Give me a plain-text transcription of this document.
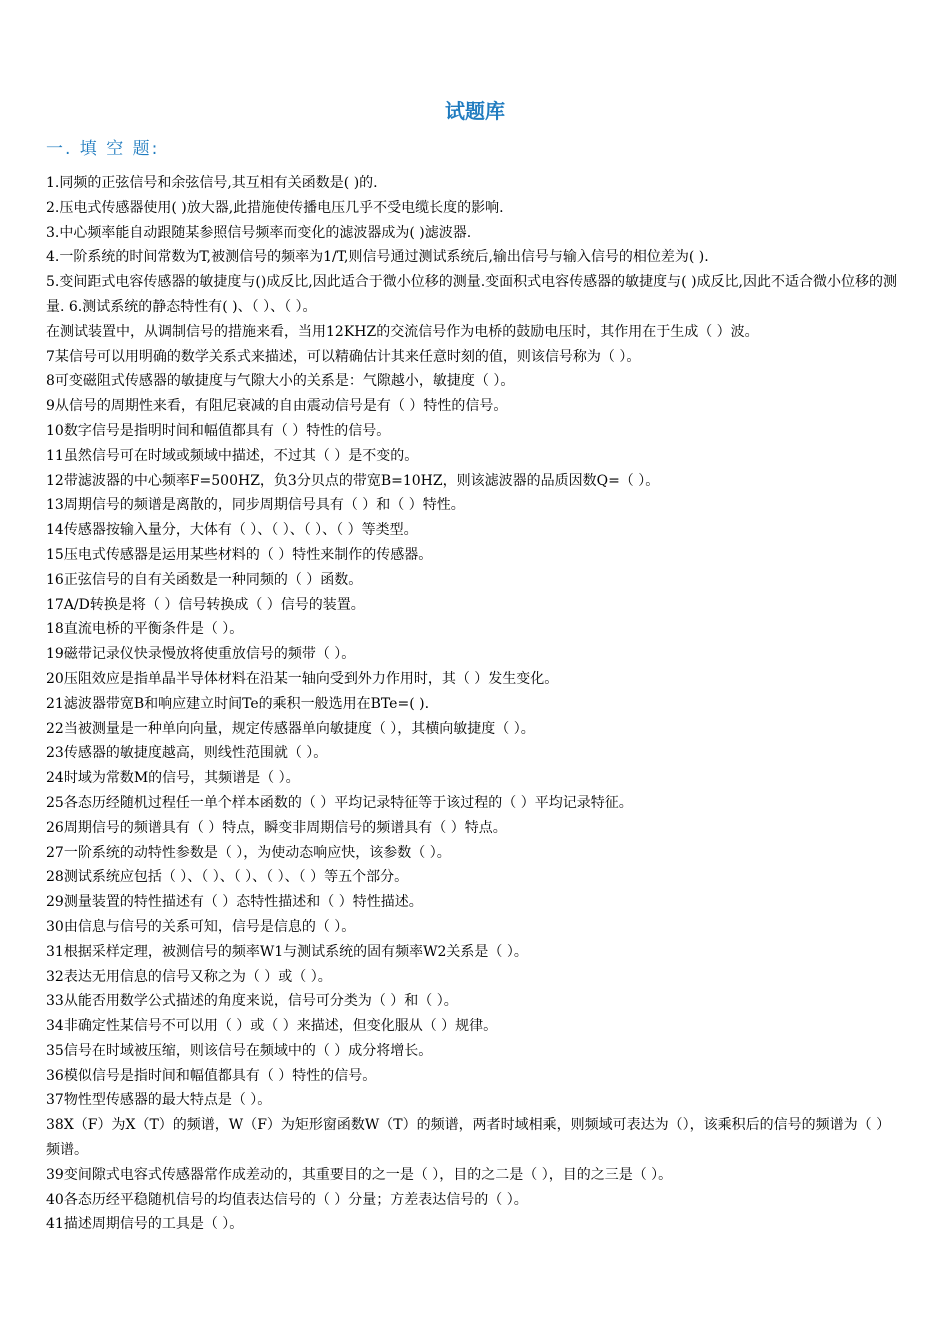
试题库
一. 填 空 题:

1.同频的正弦信号和余弦信号,其互相有关函数是( )的.

2.压电式传感器使用( )放大器,此措施使传播电压几乎不受电缆长度的影响.

3.中心频率能自动跟随某参照信号频率而变化的滤波器成为( )滤波器.

4.一阶系统的时间常数为T,被测信号的频率为1/T,则信号通过测试系统后,输出信号与输入信号的相位差为( ).

5.变间距式电容传感器的敏捷度与()成反比,因此适合于微小位移的测量.变面积式电容传感器的敏捷度与( )成反比,因此不适合微小位移的测量. 6.测试系统的静态特性有( )、（ ）、（ ）。

在测试装置中，从调制信号的措施来看，当用12KHZ的交流信号作为电桥的鼓励电压时，其作用在于生成（ ）波。

7某信号可以用明确的数学关系式来描述，可以精确估计其来任意时刻的值，则该信号称为（ ）。

8可变磁阻式传感器的敏捷度与气隙大小的关系是：气隙越小，敏捷度（ ）。

9从信号的周期性来看，有阻尼衰减的自由震动信号是有（ ）特性的信号。

10数字信号是指明时间和幅值都具有（ ）特性的信号。

11虽然信号可在时域或频域中描述，不过其（ ）是不变的。

12带滤波器的中心频率F=500HZ，负3分贝点的带宽B=10HZ，则该滤波器的品质因数Q=（ ）。

13周期信号的频谱是离散的，同步周期信号具有（ ）和（ ）特性。

14传感器按输入量分，大体有（ ）、（ ）、（ ）、（ ）等类型。

15压电式传感器是运用某些材料的（ ）特性来制作的传感器。

16正弦信号的自有关函数是一种同频的（ ）函数。

17A/D转换是将（ ）信号转换成（ ）信号的装置。

18直流电桥的平衡条件是（ ）。

19磁带记录仪快录慢放将使重放信号的频带（ ）。

20压阻效应是指单晶半导体材料在沿某一轴向受到外力作用时，其（ ）发生变化。

21滤波器带宽B和响应建立时间Te的乘积一般选用在BTe=( ).

22当被测量是一种单向向量，规定传感器单向敏捷度（ ），其横向敏捷度（ ）。

23传感器的敏捷度越高，则线性范围就（ ）。

24时域为常数M的信号，其频谱是（ ）。

25各态历经随机过程任一单个样本函数的（ ）平均记录特征等于该过程的（ ）平均记录特征。

26周期信号的频谱具有（ ）特点，瞬变非周期信号的频谱具有（ ）特点。

27一阶系统的动特性参数是（ ），为使动态响应快，该参数（ ）。

28测试系统应包括（ ）、（ ）、（ ）、（ ）、（ ）等五个部分。

29测量装置的特性描述有（ ）态特性描述和（ ）特性描述。

30由信息与信号的关系可知，信号是信息的（ ）。

31根据采样定理，被测信号的频率W1与测试系统的固有频率W2关系是（ ）。

32表达无用信息的信号又称之为（ ）或（ ）。

33从能否用数学公式描述的角度来说，信号可分类为（ ）和（ ）。

34非确定性某信号不可以用（ ）或（ ）来描述，但变化服从（ ）规律。

35信号在时域被压缩，则该信号在频域中的（ ）成分将增长。

36模似信号是指时间和幅值都具有（ ）特性的信号。

37物性型传感器的最大特点是（ ）。

38X（F）为X（T）的频谱，W（F）为矩形窗函数W（T）的频谱，两者时域相乘，则频域可表达为（），该乘积后的信号的频谱为（ ）频谱。

39变间隙式电容式传感器常作成差动的，其重要目的之一是（ ），目的之二是（ ），目的之三是（ ）。

40各态历经平稳随机信号的均值表达信号的（ ）分量；方差表达信号的（ ）。

41描述周期信号的工具是（ ）。
